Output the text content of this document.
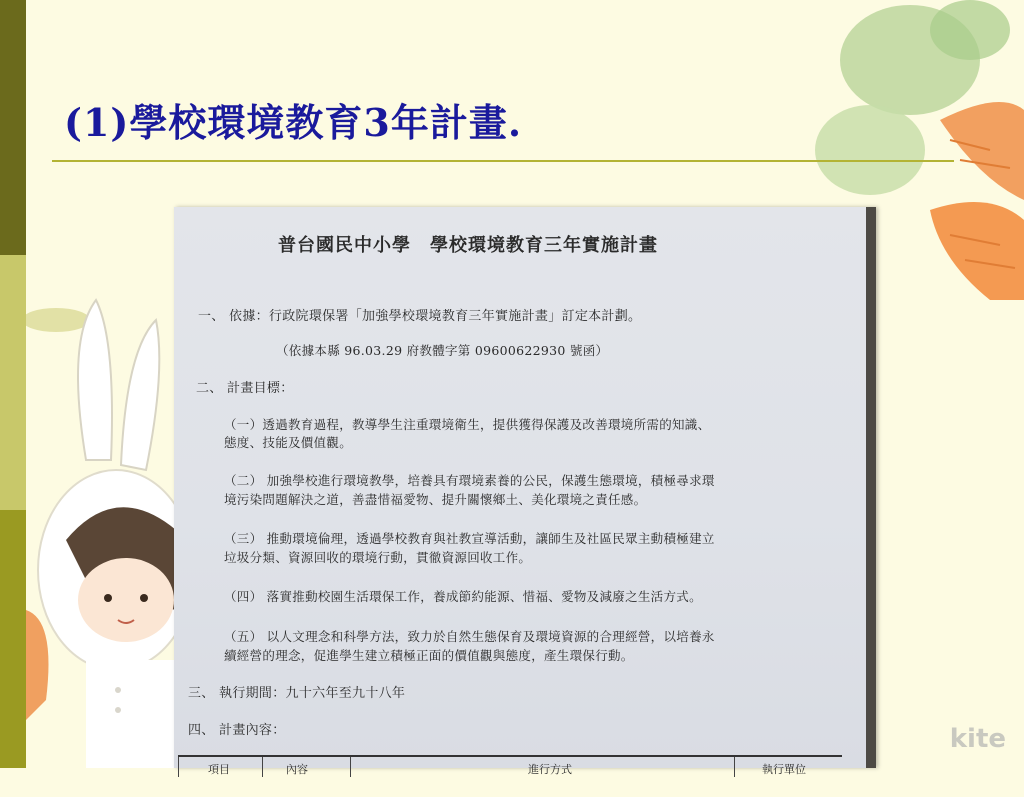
(1)學校環境教育3年計畫.
普台國民中小學　學校環境教育三年實施計畫
一、 依據：行政院環保署「加強學校環境教育三年實施計畫」訂定本計劃。
（依據本縣 96.03.29 府教體字第 09600622930 號函）
二、 計畫目標：
（一）透過教育過程，教導學生注重環境衛生，提供獲得保護及改善環境所需的知識、
態度、技能及價值觀。
（二） 加強學校進行環境教學，培養具有環境素養的公民，保護生態環境，積極尋求環
境污染問題解決之道，善盡惜福愛物、提升關懷鄉土、美化環境之責任感。
（三） 推動環境倫理，透過學校教育與社教宣導活動，讓師生及社區民眾主動積極建立
垃圾分類、資源回收的環境行動，貫徹資源回收工作。
（四） 落實推動校園生活環保工作，養成節約能源、惜福、愛物及減廢之生活方式。
（五） 以人文理念和科學方法，致力於自然生態保育及環境資源的合理經營，以培養永
續經營的理念，促進學生建立積極正面的價值觀與態度，產生環保行動。
三、 執行期間：九十六年至九十八年
四、 計畫內容：
項目	內容	進行方式	執行單位
kite
